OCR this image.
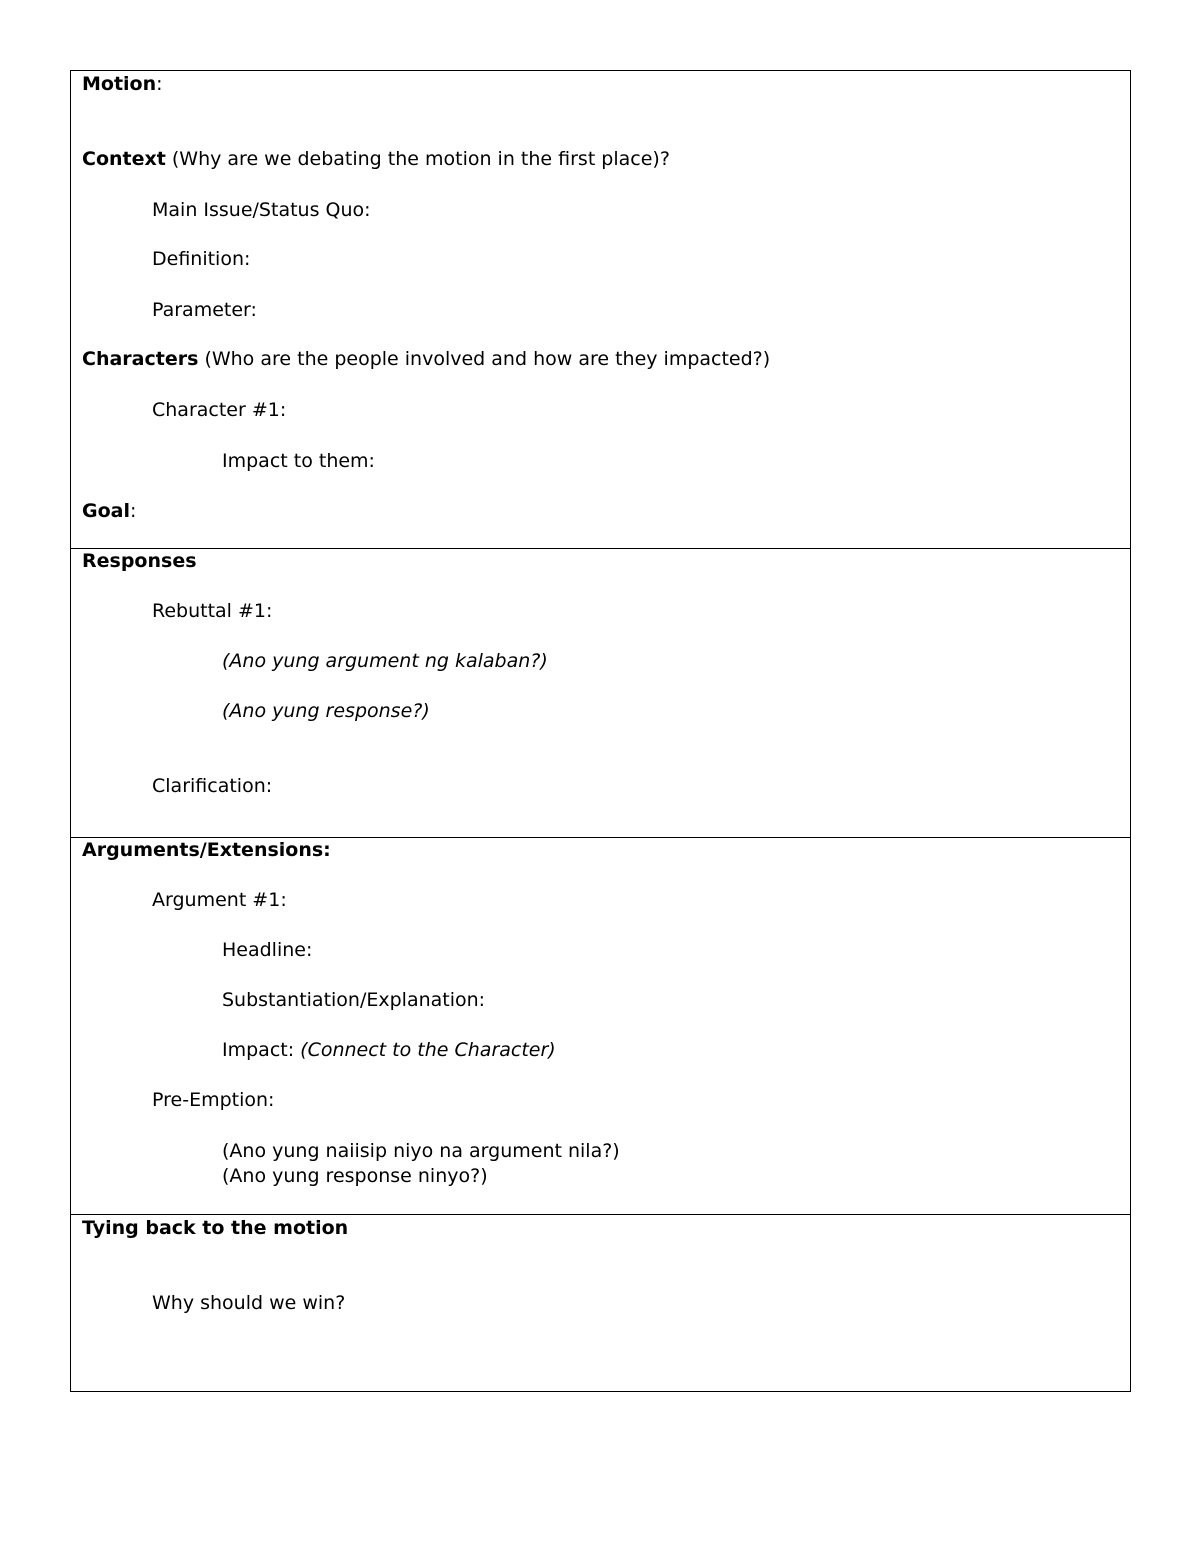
Motion:
Context (Why are we debating the motion in the first place)?
Main Issue/Status Quo:
Definition:
Parameter:
Characters (Who are the people involved and how are they impacted?)
Character #1:
Impact to them:
Goal:
Responses
Rebuttal #1:
(Ano yung argument ng kalaban?)
(Ano yung response?)
Clarification:
Arguments/Extensions:
Argument #1:
Headline:
Substantiation/Explanation:
Impact: (Connect to the Character)
Pre-Emption:
(Ano yung naiisip niyo na argument nila?)
(Ano yung response ninyo?)
Tying back to the motion
Why should we win?
